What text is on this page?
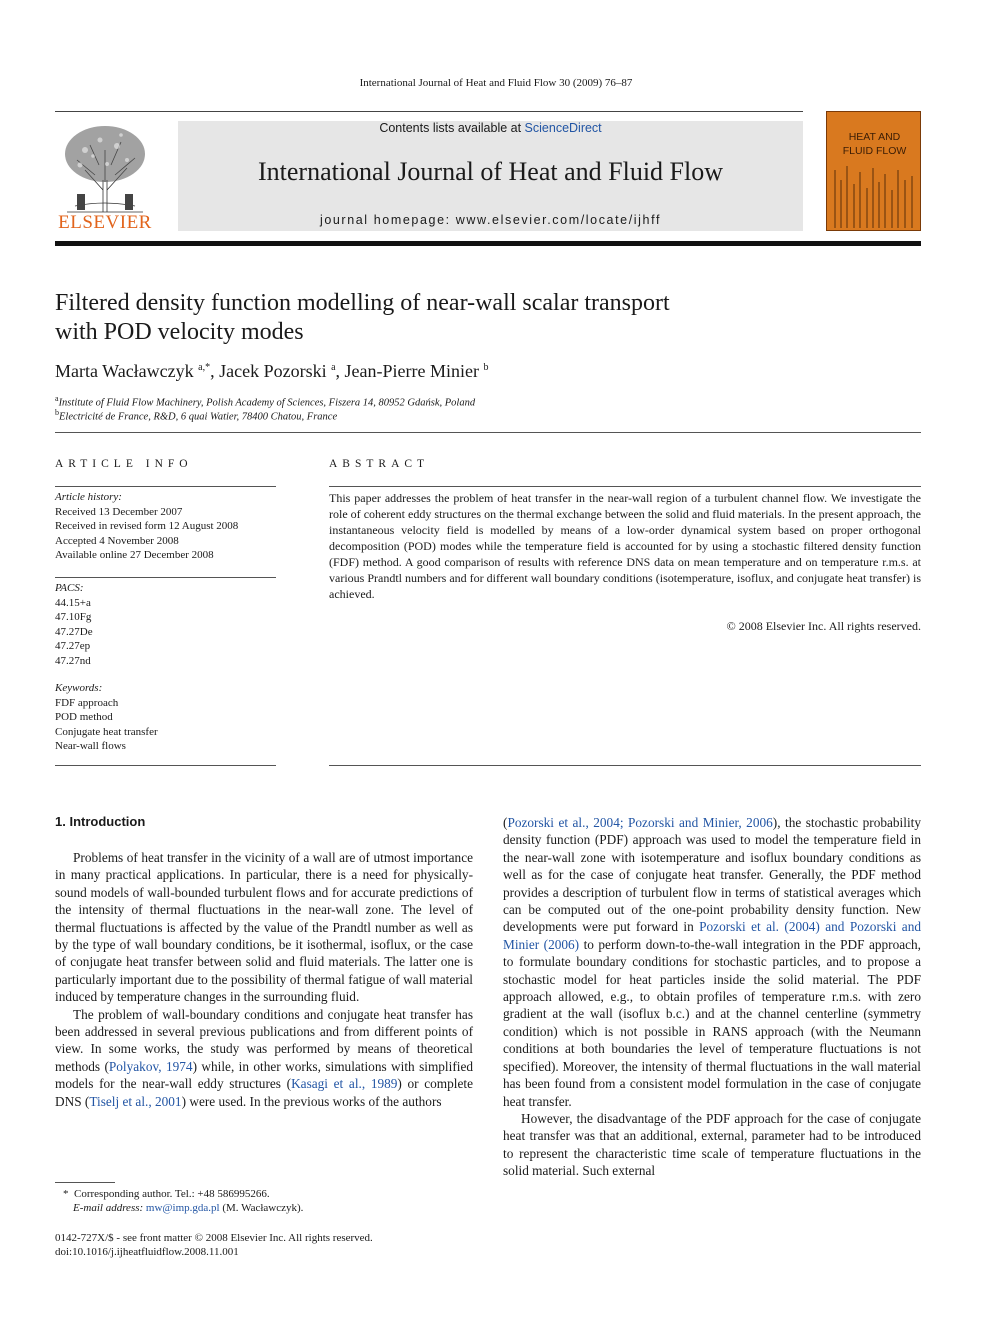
International Journal of Heat and Fluid Flow 30 (2009) 76–87
ELSEVIER
Contents lists available at ScienceDirect
International Journal of Heat and Fluid Flow
journal homepage: www.elsevier.com/locate/ijhff
HEAT AND
FLUID FLOW
Filtered density function modelling of near-wall scalar transport
with POD velocity modes
Marta Wacławczyk $^{a,*}$, Jacek Pozorski $^a$, Jean-Pierre Minier $^b$
$^a$Institute of Fluid Flow Machinery, Polish Academy of Sciences, Fiszera 14, 80952 Gdańsk, Poland
$^b$Electricité de France, R&D, 6 quai Watier, 78400 Chatou, France
ARTICLE INFO
Article history:
Received 13 December 2007
Received in revised form 12 August 2008
Accepted 4 November 2008
Available online 27 December 2008
PACS:
44.15+a
47.10Fg
47.27De
47.27ep
47.27nd
Keywords:
FDF approach
POD method
Conjugate heat transfer
Near-wall flows
ABSTRACT
This paper addresses the problem of heat transfer in the near-wall region of a turbulent channel flow. We investigate the role of coherent eddy structures on the thermal exchange between the solid and fluid materials. In the present approach, the instantaneous velocity field is modelled by means of a low-order dynamical system based on proper orthogonal decomposition (POD) modes while the temperature field is accounted for by using a stochastic filtered density function (FDF) method. A good comparison of results with reference DNS data on mean temperature and on temperature r.m.s. at various Prandtl numbers and for different wall boundary conditions (isotemperature, isoflux, and conjugate heat transfer) is achieved.
© 2008 Elsevier Inc. All rights reserved.
1. Introduction

Problems of heat transfer in the vicinity of a wall are of utmost importance in many practical applications. In particular, there is a need for physically-sound models of wall-bounded turbulent flows and for accurate predictions of the intensity of thermal fluctuations in the near-wall zone. The level of thermal fluctuations is affected by the value of the Prandtl number as well as by the type of wall boundary conditions, be it isothermal, isoflux, or the case of conjugate heat transfer between solid and fluid materials. The latter one is particularly important due to the possibility of thermal fatigue of wall material induced by temperature changes in the surrounding fluid.

The problem of wall-boundary conditions and conjugate heat transfer has been addressed in several previous publications and from different points of view. In some works, the study was performed by means of theoretical methods (Polyakov, 1974) while, in other works, simulations with simplified models for the near-wall eddy structures (Kasagi et al., 1989) or complete DNS (Tiselj et al., 2001) were used. In the previous works of the authors

(Pozorski et al., 2004; Pozorski and Minier, 2006), the stochastic probability density function (PDF) approach was used to model the temperature field in the near-wall zone with isotemperature and isoflux boundary conditions as well as for the case of conjugate heat transfer. Generally, the PDF method provides a description of turbulent flow in terms of statistical averages which can be computed out of the one-point probability density function. New developments were put forward in Pozorski et al. (2004) and Pozorski and Minier (2006) to perform down-to-the-wall integration in the PDF approach, to formulate boundary conditions for stochastic particles, and to propose a stochastic model for heat particles inside the solid material. The PDF approach allowed, e.g., to obtain profiles of temperature r.m.s. with zero gradient at the wall (isoflux b.c.) and at the channel centerline (symmetry condition) which is not possible in RANS approach (with the Neumann conditions at both boundaries the level of temperature fluctuations is not specified). Moreover, the intensity of thermal fluctuations in the wall material has been found from a consistent model formulation in the case of conjugate heat transfer.

However, the disadvantage of the PDF approach for the case of conjugate heat transfer was that an additional, external, parameter had to be introduced to represent the characteristic time scale of temperature fluctuations in the solid material. Such external

* Corresponding author. Tel.: +48 586995266.
E-mail address: mw@imp.gda.pl (M. Wacławczyk).
0142-727X/$ - see front matter © 2008 Elsevier Inc. All rights reserved.
doi:10.1016/j.ijheatfluidflow.2008.11.001
